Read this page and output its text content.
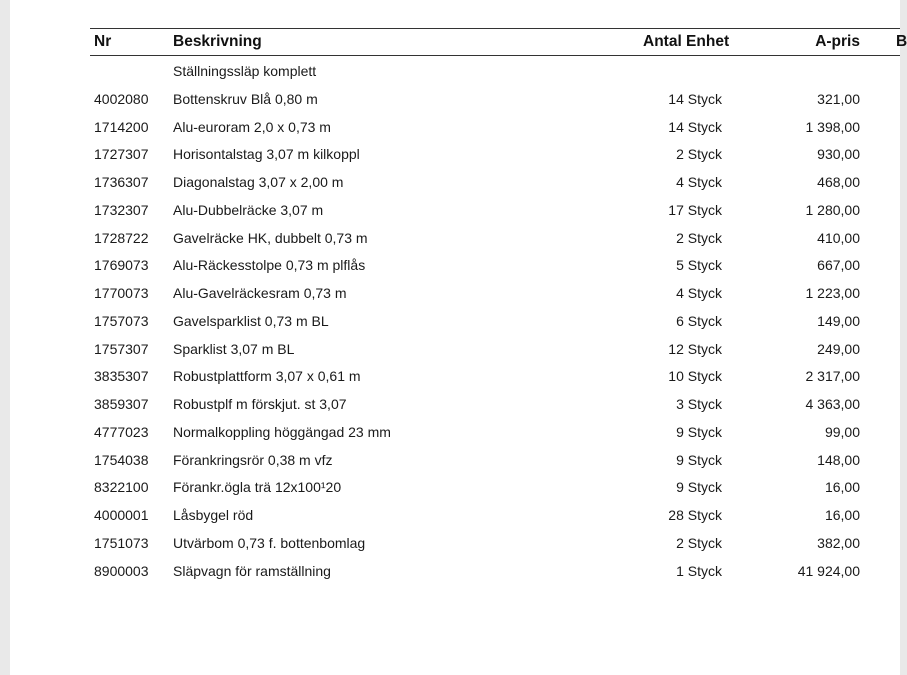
Nr	Beskrivning	Antal Enhet	A-pris B
Ställningssläp komplett
4002080 Bottenskruv Blå 0,80 m	14 Styck	321,00
1714200 Alu-euroram 2,0 x 0,73 m	14 Styck	1 398,00
1727307 Horisontalstag 3,07 m kilkoppl	2 Styck	930,00
1736307 Diagonalstag 3,07 x 2,00 m	4 Styck	468,00
1732307 Alu-Dubbelräcke 3,07 m	17 Styck	1 280,00
1728722 Gavelräcke HK, dubbelt 0,73 m	2 Styck	410,00
1769073 Alu-Räckesstolpe 0,73 m plflås	5 Styck	667,00
1770073 Alu-Gavelräckesram 0,73 m	4 Styck	1 223,00
1757073 Gavelsparklist 0,73 m BL	6 Styck	149,00
1757307 Sparklist 3,07 m BL	12 Styck	249,00
3835307 Robustplattform 3,07 x 0,61 m	10 Styck	2 317,00
3859307 Robustplf m förskjut. st 3,07	3 Styck	4 363,00
4777023 Normalkoppling höggängad 23 mm	9 Styck	99,00
1754038 Förankringsrör 0,38 m vfz	9 Styck	148,00
8322100 Förankr.ögla trä 12x100¹20	9 Styck	16,00
4000001 Låsbygel röd	28 Styck	16,00
1751073 Utvärbom 0,73 f. bottenbomlag	2 Styck	382,00
8900003 Släpvagn för ramställning	1 Styck	41 924,00
